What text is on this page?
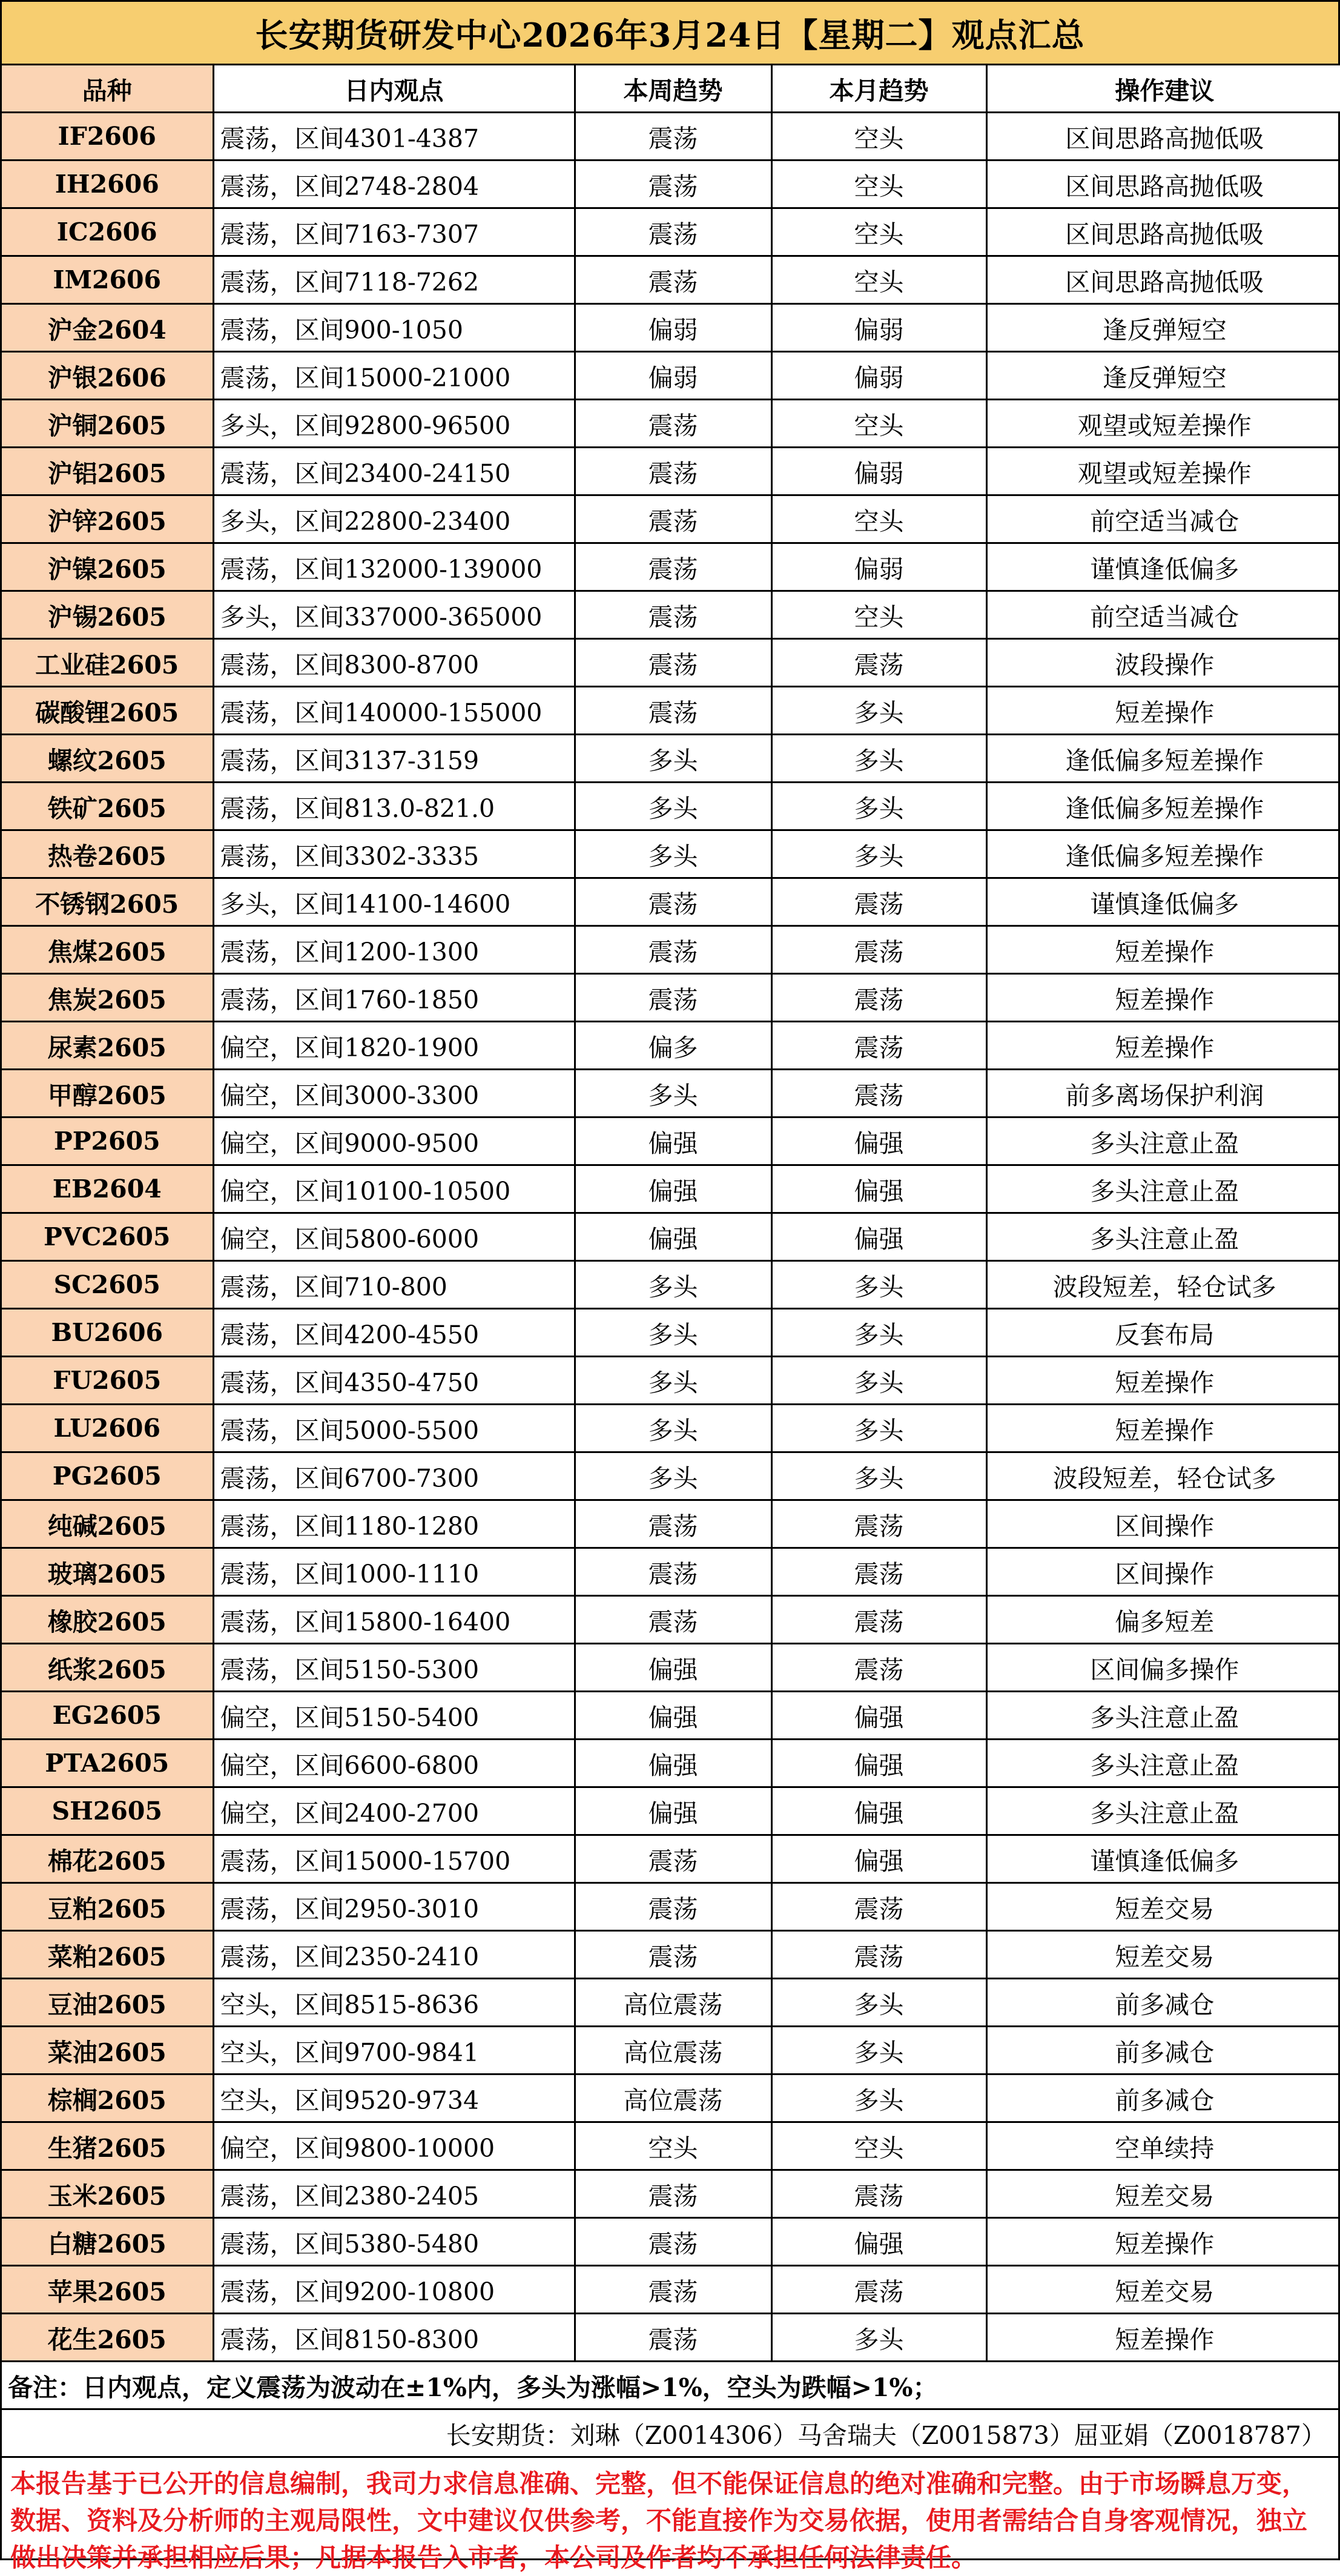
长安期货研发中心2026年3月24日【星期二】观点汇总
品种	日内观点	本周趋势	本月趋势	操作建议
IF2606	震荡，区间4301-4387	震荡	空头	区间思路高抛低吸
IH2606	震荡，区间2748-2804	震荡	空头	区间思路高抛低吸
IC2606	震荡，区间7163-7307	震荡	空头	区间思路高抛低吸
IM2606	震荡，区间7118-7262	震荡	空头	区间思路高抛低吸
沪金2604	震荡，区间900-1050	偏弱	偏弱	逢反弹短空
沪银2606	震荡，区间15000-21000	偏弱	偏弱	逢反弹短空
沪铜2605	多头，区间92800-96500	震荡	空头	观望或短差操作
沪铝2605	震荡，区间23400-24150	震荡	偏弱	观望或短差操作
沪锌2605	多头，区间22800-23400	震荡	空头	前空适当减仓
沪镍2605	震荡，区间132000-139000	震荡	偏弱	谨慎逢低偏多
沪锡2605	多头，区间337000-365000	震荡	空头	前空适当减仓
工业硅2605	震荡，区间8300-8700	震荡	震荡	波段操作
碳酸锂2605	震荡，区间140000-155000	震荡	多头	短差操作
螺纹2605	震荡，区间3137-3159	多头	多头	逢低偏多短差操作
铁矿2605	震荡，区间813.0-821.0	多头	多头	逢低偏多短差操作
热卷2605	震荡，区间3302-3335	多头	多头	逢低偏多短差操作
不锈钢2605	多头，区间14100-14600	震荡	震荡	谨慎逢低偏多
焦煤2605	震荡，区间1200-1300	震荡	震荡	短差操作
焦炭2605	震荡，区间1760-1850	震荡	震荡	短差操作
尿素2605	偏空，区间1820-1900	偏多	震荡	短差操作
甲醇2605	偏空，区间3000-3300	多头	震荡	前多离场保护利润
PP2605	偏空，区间9000-9500	偏强	偏强	多头注意止盈
EB2604	偏空，区间10100-10500	偏强	偏强	多头注意止盈
PVC2605	偏空，区间5800-6000	偏强	偏强	多头注意止盈
SC2605	震荡，区间710-800	多头	多头	波段短差，轻仓试多
BU2606	震荡，区间4200-4550	多头	多头	反套布局
FU2605	震荡，区间4350-4750	多头	多头	短差操作
LU2606	震荡，区间5000-5500	多头	多头	短差操作
PG2605	震荡，区间6700-7300	多头	多头	波段短差，轻仓试多
纯碱2605	震荡，区间1180-1280	震荡	震荡	区间操作
玻璃2605	震荡，区间1000-1110	震荡	震荡	区间操作
橡胶2605	震荡，区间15800-16400	震荡	震荡	偏多短差
纸浆2605	震荡，区间5150-5300	偏强	震荡	区间偏多操作
EG2605	偏空，区间5150-5400	偏强	偏强	多头注意止盈
PTA2605	偏空，区间6600-6800	偏强	偏强	多头注意止盈
SH2605	偏空，区间2400-2700	偏强	偏强	多头注意止盈
棉花2605	震荡，区间15000-15700	震荡	偏强	谨慎逢低偏多
豆粕2605	震荡，区间2950-3010	震荡	震荡	短差交易
菜粕2605	震荡，区间2350-2410	震荡	震荡	短差交易
豆油2605	空头，区间8515-8636	高位震荡	多头	前多减仓
菜油2605	空头，区间9700-9841	高位震荡	多头	前多减仓
棕榈2605	空头，区间9520-9734	高位震荡	多头	前多减仓
生猪2605	偏空，区间9800-10000	空头	空头	空单续持
玉米2605	震荡，区间2380-2405	震荡	震荡	短差交易
白糖2605	震荡，区间5380-5480	震荡	偏强	短差操作
苹果2605	震荡，区间9200-10800	震荡	震荡	短差交易
花生2605	震荡，区间8150-8300	震荡	多头	短差操作
备注：日内观点，定义震荡为波动在±1%内，多头为涨幅>1%，空头为跌幅>1%；
长安期货：刘琳（Z0014306）马舍瑞夫（Z0015873）屈亚娟（Z0018787）
本报告基于已公开的信息编制，我司力求信息准确、完整，但不能保证信息的绝对准确和完整。由于市场瞬息万变，数据、资料及分析师的主观局限性，文中建议仅供参考，不能直接作为交易依据，使用者需结合自身客观情况，独立做出决策并承担相应后果；凡据本报告入市者，本公司及作者均不承担任何法律责任。
